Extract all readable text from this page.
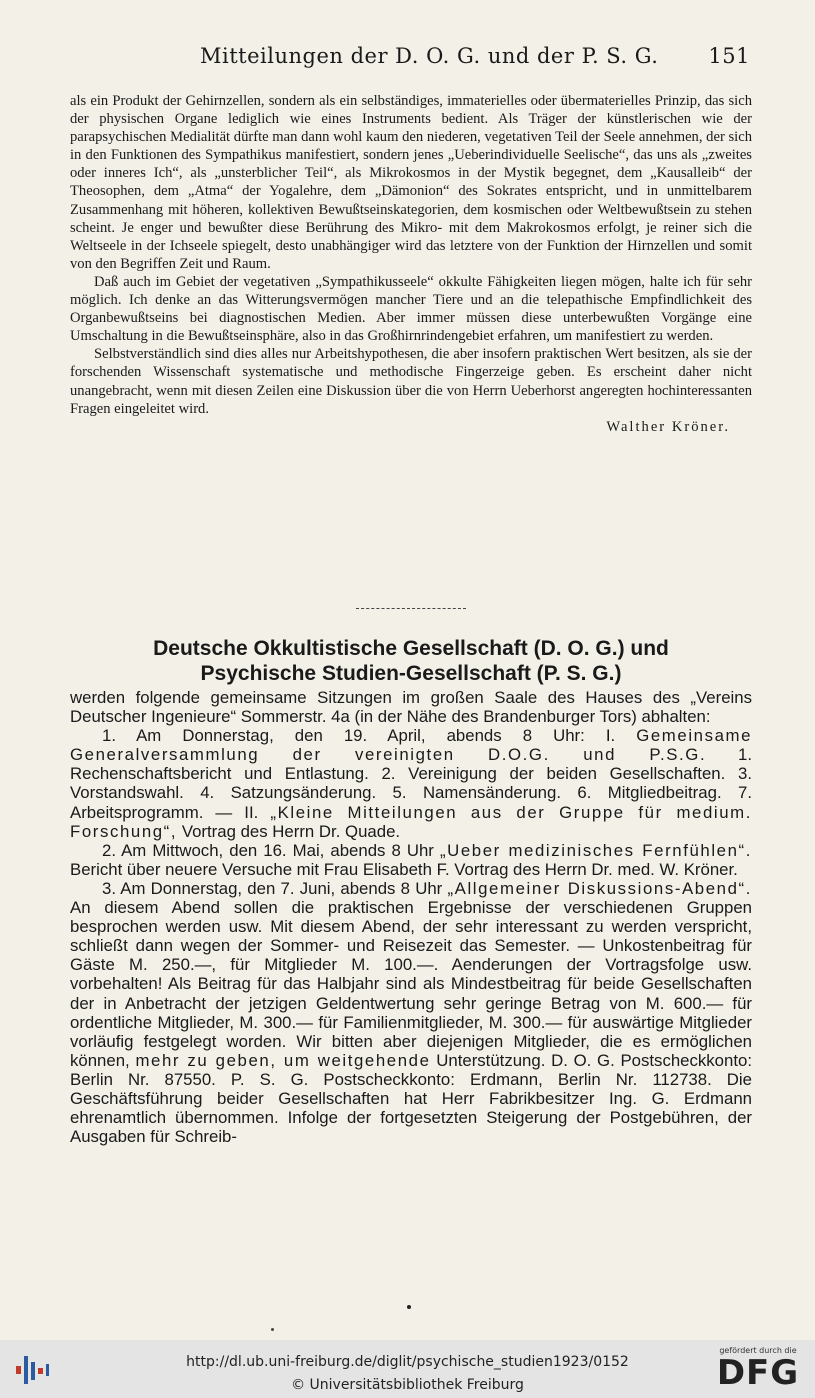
Mitteilungen der D. O. G. und der P. S. G. 151

als ein Produkt der Gehirnzellen, sondern als ein selbständiges, immaterielles oder übermaterielles Prinzip, das sich der physischen Organe lediglich wie eines Instruments bedient. Als Träger der künstlerischen wie der parapsychischen Medialität dürfte man dann wohl kaum den niederen, vegetativen Teil der Seele annehmen, der sich in den Funktionen des Sympathikus manifestiert, sondern jenes „Ueberindividuelle Seelische“, das uns als „zweites oder inneres Ich“, als „unsterblicher Teil“, als Mikrokosmos in der Mystik begegnet, dem „Kausalleib“ der Theosophen, dem „Atma“ der Yogalehre, dem „Dämonion“ des Sokrates entspricht, und in unmittelbarem Zusammenhang mit höheren, kollektiven Bewußtseinskategorien, dem kosmischen oder Weltbewußtsein zu stehen scheint. Je enger und bewußter diese Berührung des Mikro- mit dem Makrokosmos erfolgt, je reiner sich die Weltseele in der Ichseele spiegelt, desto unabhängiger wird das letztere von der Funktion der Hirnzellen und somit von den Begriffen Zeit und Raum.

Daß auch im Gebiet der vegetativen „Sympathikusseele“ okkulte Fähigkeiten liegen mögen, halte ich für sehr möglich. Ich denke an das Witterungsvermögen mancher Tiere und an die telepathische Empfindlichkeit des Organbewußtseins bei diagnostischen Medien. Aber immer müssen diese unterbewußten Vorgänge eine Umschaltung in die Bewußtseinsphäre, also in das Großhirnrindengebiet erfahren, um manifestiert zu werden.

Selbstverständlich sind dies alles nur Arbeitshypothesen, die aber insofern praktischen Wert besitzen, als sie der forschenden Wissenschaft systematische und methodische Fingerzeige geben. Es erscheint daher nicht unangebracht, wenn mit diesen Zeilen eine Diskussion über die von Herrn Ueberhorst angeregten hochinteressanten Fragen eingeleitet wird.

Walther Kröner.

Deutsche Okkultistische Gesellschaft (D. O. G.) und
Psychische Studien-Gesellschaft (P. S. G.)

werden folgende gemeinsame Sitzungen im großen Saale des Hauses des „Vereins Deutscher Ingenieure“ Sommerstr. 4a (in der Nähe des Brandenburger Tors) abhalten:

1. Am Donnerstag, den 19. April, abends 8 Uhr: I. Gemeinsame Generalversammlung der vereinigten D.O.G. und P.S.G. 1. Rechenschaftsbericht und Entlastung. 2. Vereinigung der beiden Gesellschaften. 3. Vorstandswahl. 4. Satzungsänderung. 5. Namensänderung. 6. Mitgliedbeitrag. 7. Arbeitsprogramm. — II. „Kleine Mitteilungen aus der Gruppe für medium. Forschung“, Vortrag des Herrn Dr. Quade.

2. Am Mittwoch, den 16. Mai, abends 8 Uhr „Ueber medizinisches Fernfühlen“. Bericht über neuere Versuche mit Frau Elisabeth F. Vortrag des Herrn Dr. med. W. Kröner.

3. Am Donnerstag, den 7. Juni, abends 8 Uhr „Allgemeiner Diskussions-Abend“. An diesem Abend sollen die praktischen Ergebnisse der verschiedenen Gruppen besprochen werden usw. Mit diesem Abend, der sehr interessant zu werden verspricht, schließt dann wegen der Sommer- und Reisezeit das Semester. — Unkostenbeitrag für Gäste M. 250.—, für Mitglieder M. 100.—. Aenderungen der Vortragsfolge usw. vorbehalten! Als Beitrag für das Halbjahr sind als Mindestbeitrag für beide Gesellschaften der in Anbetracht der jetzigen Geldentwertung sehr geringe Betrag von M. 600.— für ordentliche Mitglieder, M. 300.— für Familienmitglieder, M. 300.— für auswärtige Mitglieder vorläufig festgelegt worden. Wir bitten aber diejenigen Mitglieder, die es ermöglichen können, mehr zu geben, um weitgehende Unterstützung. D. O. G. Postscheckkonto: Berlin Nr. 87550. P. S. G. Postscheckkonto: Erdmann, Berlin Nr. 112738. Die Geschäftsführung beider Gesellschaften hat Herr Fabrikbesitzer Ing. G. Erdmann ehrenamtlich übernommen. Infolge der fortgesetzten Steigerung der Postgebühren, der Ausgaben für Schreib-

http://dl.ub.uni-freiburg.de/diglit/psychische_studien1923/0152
© Universitätsbibliothek Freiburg
gefördert durch die
DFG
